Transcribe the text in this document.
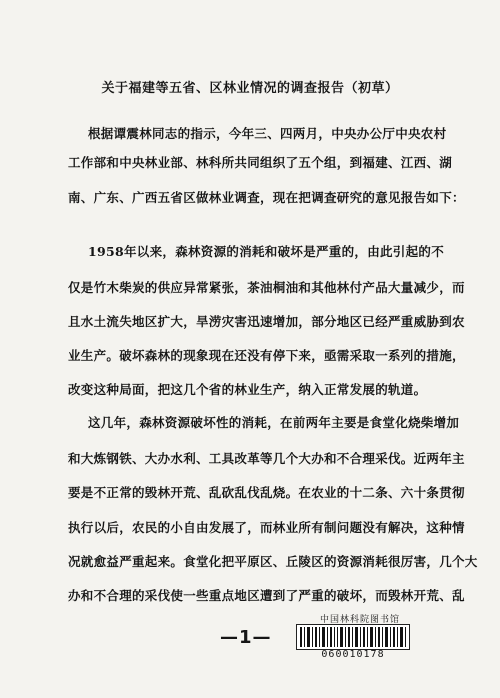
关于福建等五省、区林业情况的调查报告（初草）
根据谭震林同志的指示，今年三、四两月，中央办公厅中央农村
工作部和中央林业部、林科所共同组织了五个组，到福建、江西、湖
南、广东、广西五省区做林业调查，现在把调查研究的意见报告如下：
1958年以来，森林资源的消耗和破坏是严重的，由此引起的不
仅是竹木柴炭的供应异常紧张，茶油桐油和其他林付产品大量减少，而
且水土流失地区扩大，旱涝灾害迅速增加，部分地区已经严重威胁到农
业生产。破坏森林的现象现在还没有停下来，亟需采取一系列的措施，
改变这种局面，把这几个省的林业生产，纳入正常发展的轨道。
这几年，森林资源破坏性的消耗，在前两年主要是食堂化烧柴增加
和大炼钢铁、大办水利、工具改革等几个大办和不合理采伐。近两年主
要是不正常的毁林开荒、乱砍乱伐乱烧。在农业的十二条、六十条贯彻
执行以后，农民的小自由发展了，而林业所有制问题没有解决，这种情
况就愈益严重起来。食堂化把平原区、丘陵区的资源消耗很厉害，几个大
办和不合理的采伐使一些重点地区遭到了严重的破坏，而毁林开荒、乱
—1—
中国林科院图书馆
060010178
